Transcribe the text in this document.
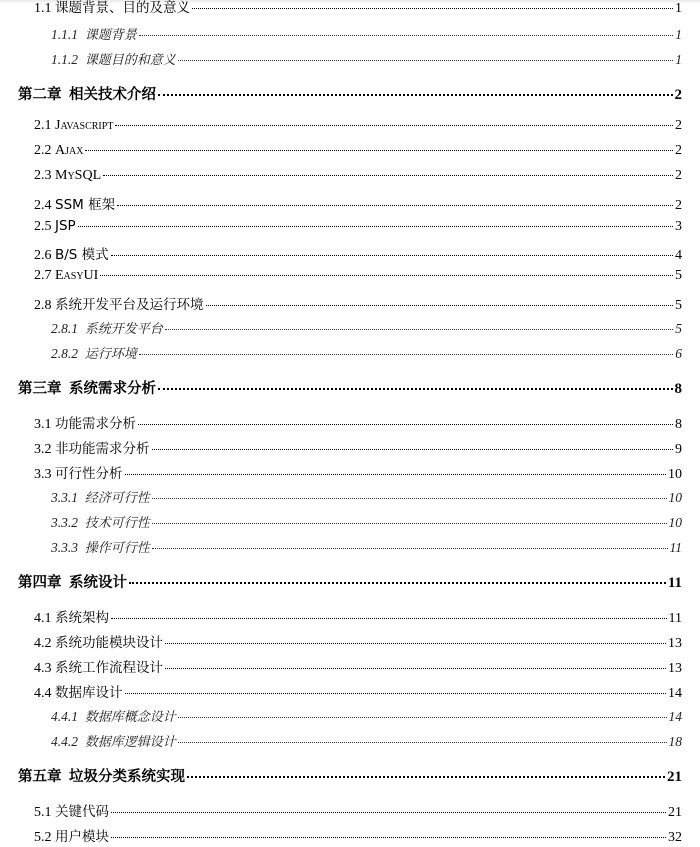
1.1 课题背景、目的及意义	1
1.1.1 课题背景	1
1.1.2 课题目的和意义	1
第二章 相关技术介绍	2
2.1 Javascript	2
2.2 Ajax	2
2.3 MySQL	2
2.4 SSM 框架	2
2.5 JSP	3
2.6 B/S 模式	4
2.7 EasyUI	5
2.8 系统开发平台及运行环境	5
2.8.1 系统开发平台	5
2.8.2 运行环境	6
第三章 系统需求分析	8
3.1 功能需求分析	8
3.2 非功能需求分析	9
3.3 可行性分析	10
3.3.1 经济可行性	10
3.3.2 技术可行性	10
3.3.3 操作可行性	11
第四章 系统设计	11
4.1 系统架构	11
4.2 系统功能模块设计	13
4.3 系统工作流程设计	13
4.4 数据库设计	14
4.4.1 数据库概念设计	14
4.4.2 数据库逻辑设计	18
第五章 垃圾分类系统实现	21
5.1 关键代码	21
5.2 用户模块	32
